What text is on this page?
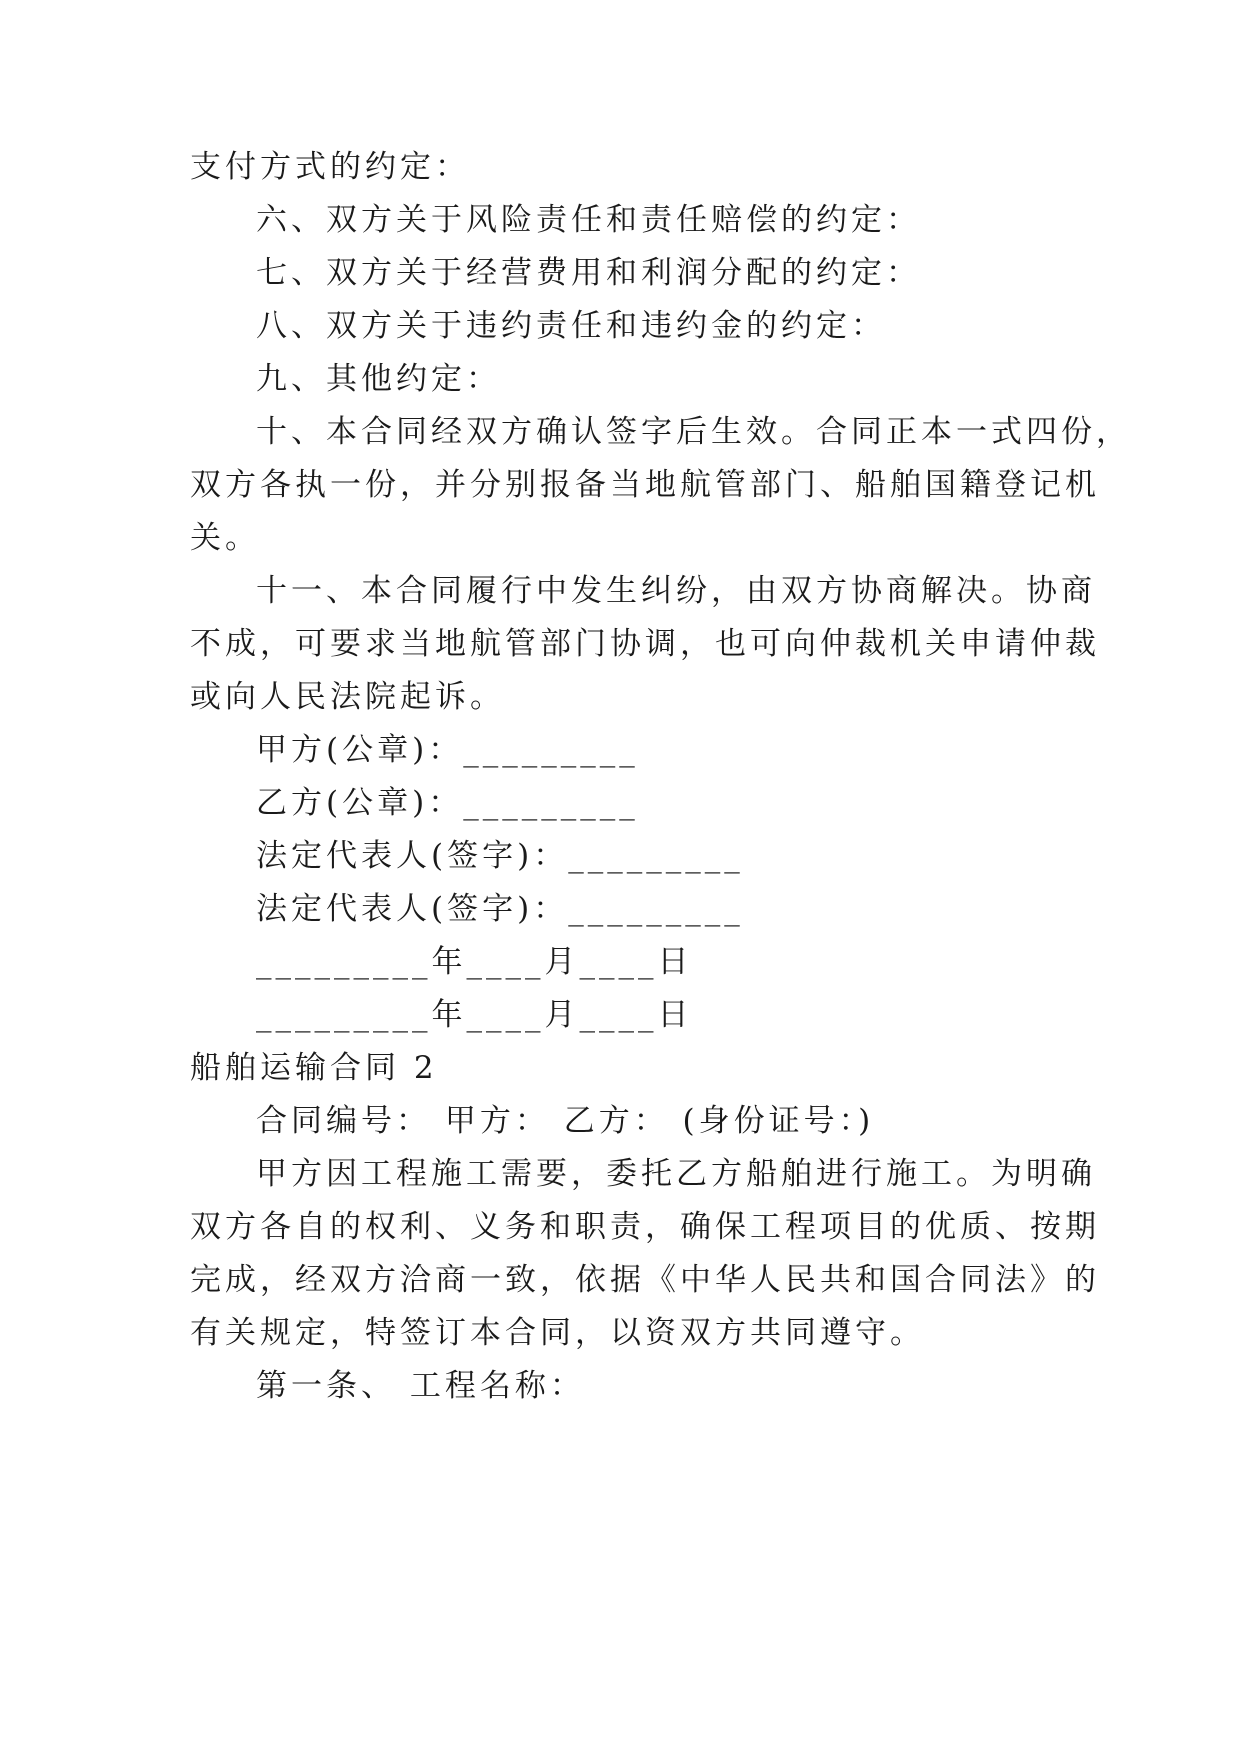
支付方式的约定：
六、双方关于风险责任和责任赔偿的约定：
七、双方关于经营费用和利润分配的约定：
八、双方关于违约责任和违约金的约定：
九、其他约定：
十、本合同经双方确认签字后生效。合同正本一式四份，
双方各执一份，并分别报备当地航管部门、船舶国籍登记机
关。
十一、本合同履行中发生纠纷，由双方协商解决。协商
不成，可要求当地航管部门协调，也可向仲裁机关申请仲裁
或向人民法院起诉。
甲方(公章)：_________
乙方(公章)：_________
法定代表人(签字)：_________
法定代表人(签字)：_________
_________年____月____日
_________年____月____日
船舶运输合同 2
合同编号： 甲方： 乙方： (身份证号：)
甲方因工程施工需要，委托乙方船舶进行施工。为明确
双方各自的权利、义务和职责，确保工程项目的优质、按期
完成，经双方洽商一致，依据《中华人民共和国合同法》的
有关规定，特签订本合同，以资双方共同遵守。
第一条、 工程名称：
